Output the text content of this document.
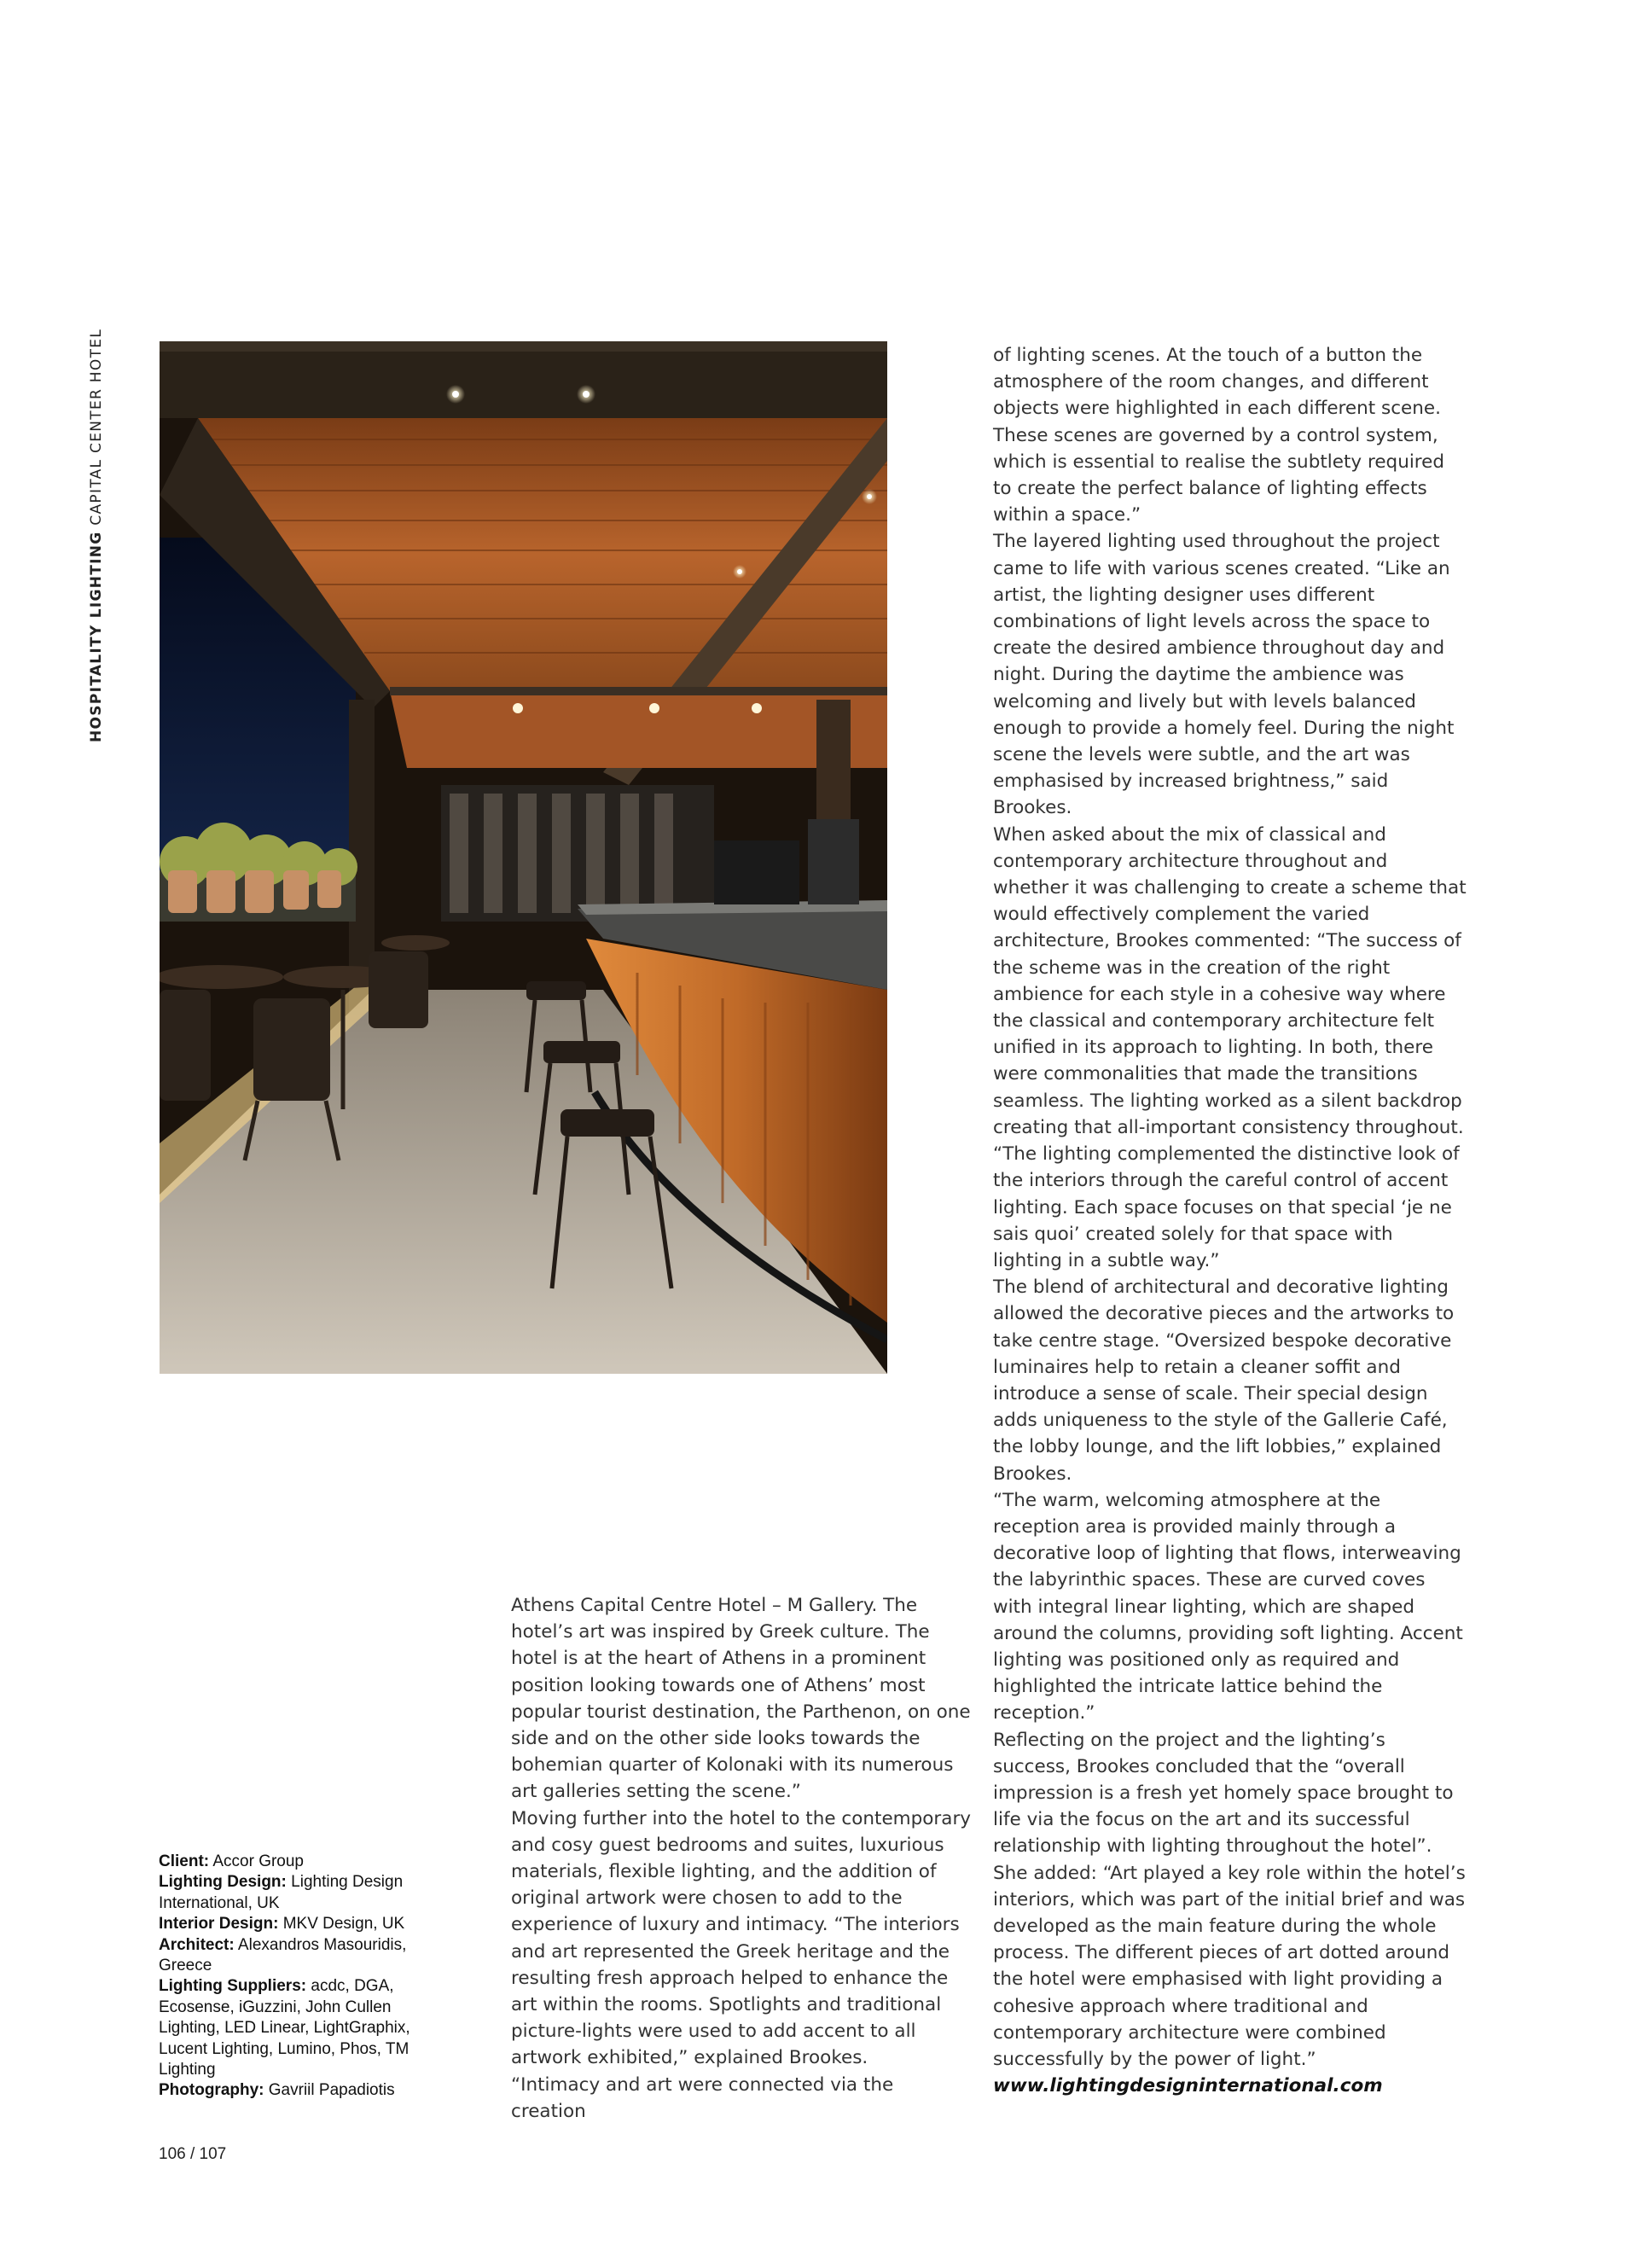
HOSPITALITY LIGHTING CAPITAL CENTER HOTEL

Athens Capital Centre Hotel – M Gallery. The hotel’s art was inspired by Greek culture. The hotel is at the heart of Athens in a prominent position looking towards one of Athens’ most popular tourist destination, the Parthenon, on one side and on the other side looks towards the bohemian quarter of Kolonaki with its numerous art galleries setting the scene.”

Moving further into the hotel to the contemporary and cosy guest bedrooms and suites, luxurious materials, flexible lighting, and the addition of original artwork were chosen to add to the experience of luxury and intimacy. “The interiors and art represented the Greek heritage and the resulting fresh approach helped to enhance the art within the rooms. Spotlights and traditional picture-lights were used to add accent to all artwork exhibited,” explained Brookes.

“Intimacy and art were connected via the creation

of lighting scenes. At the touch of a button the atmosphere of the room changes, and different objects were highlighted in each different scene. These scenes are governed by a control system, which is essential to realise the subtlety required to create the perfect balance of lighting effects within a space.”

The layered lighting used throughout the project came to life with various scenes created. “Like an artist, the lighting designer uses different combinations of light levels across the space to create the desired ambience throughout day and night. During the daytime the ambience was welcoming and lively but with levels balanced enough to provide a homely feel. During the night scene the levels were subtle, and the art was emphasised by increased brightness,” said Brookes.

When asked about the mix of classical and contemporary architecture throughout and whether it was challenging to create a scheme that would effectively complement the varied architecture, Brookes commented: “The success of the scheme was in the creation of the right ambience for each style in a cohesive way where the classical and contemporary architecture felt unified in its approach to lighting. In both, there were commonalities that made the transitions seamless. The lighting worked as a silent backdrop creating that all-important consistency throughout.

“The lighting complemented the distinctive look of the interiors through the careful control of accent lighting. Each space focuses on that special ‘je ne sais quoi’ created solely for that space with lighting in a subtle way.”

The blend of architectural and decorative lighting allowed the decorative pieces and the artworks to take centre stage. “Oversized bespoke decorative luminaires help to retain a cleaner soffit and introduce a sense of scale. Their special design adds uniqueness to the style of the Gallerie Café, the lobby lounge, and the lift lobbies,” explained Brookes.

“The warm, welcoming atmosphere at the reception area is provided mainly through a decorative loop of lighting that flows, interweaving the labyrinthic spaces. These are curved coves with integral linear lighting, which are shaped around the columns, providing soft lighting. Accent lighting was positioned only as required and highlighted the intricate lattice behind the reception.”

Reflecting on the project and the lighting’s success, Brookes concluded that the “overall impression is a fresh yet homely space brought to life via the focus on the art and its successful relationship with lighting throughout the hotel”.

She added: “Art played a key role within the hotel’s interiors, which was part of the initial brief and was developed as the main feature during the whole process. The different pieces of art dotted around the hotel were emphasised with light providing a cohesive approach where traditional and contemporary architecture were combined successfully by the power of light.”

www.lightingdesigninternational.com

Client: Accor Group
Lighting Design: Lighting Design International, UK
Interior Design: MKV Design, UK
Architect: Alexandros Masouridis, Greece
Lighting Suppliers: acdc, DGA, Ecosense, iGuzzini, John Cullen Lighting, LED Linear, LightGraphix, Lucent Lighting, Lumino, Phos, TM Lighting
Photography: Gavriil Papadiotis
106 / 107
